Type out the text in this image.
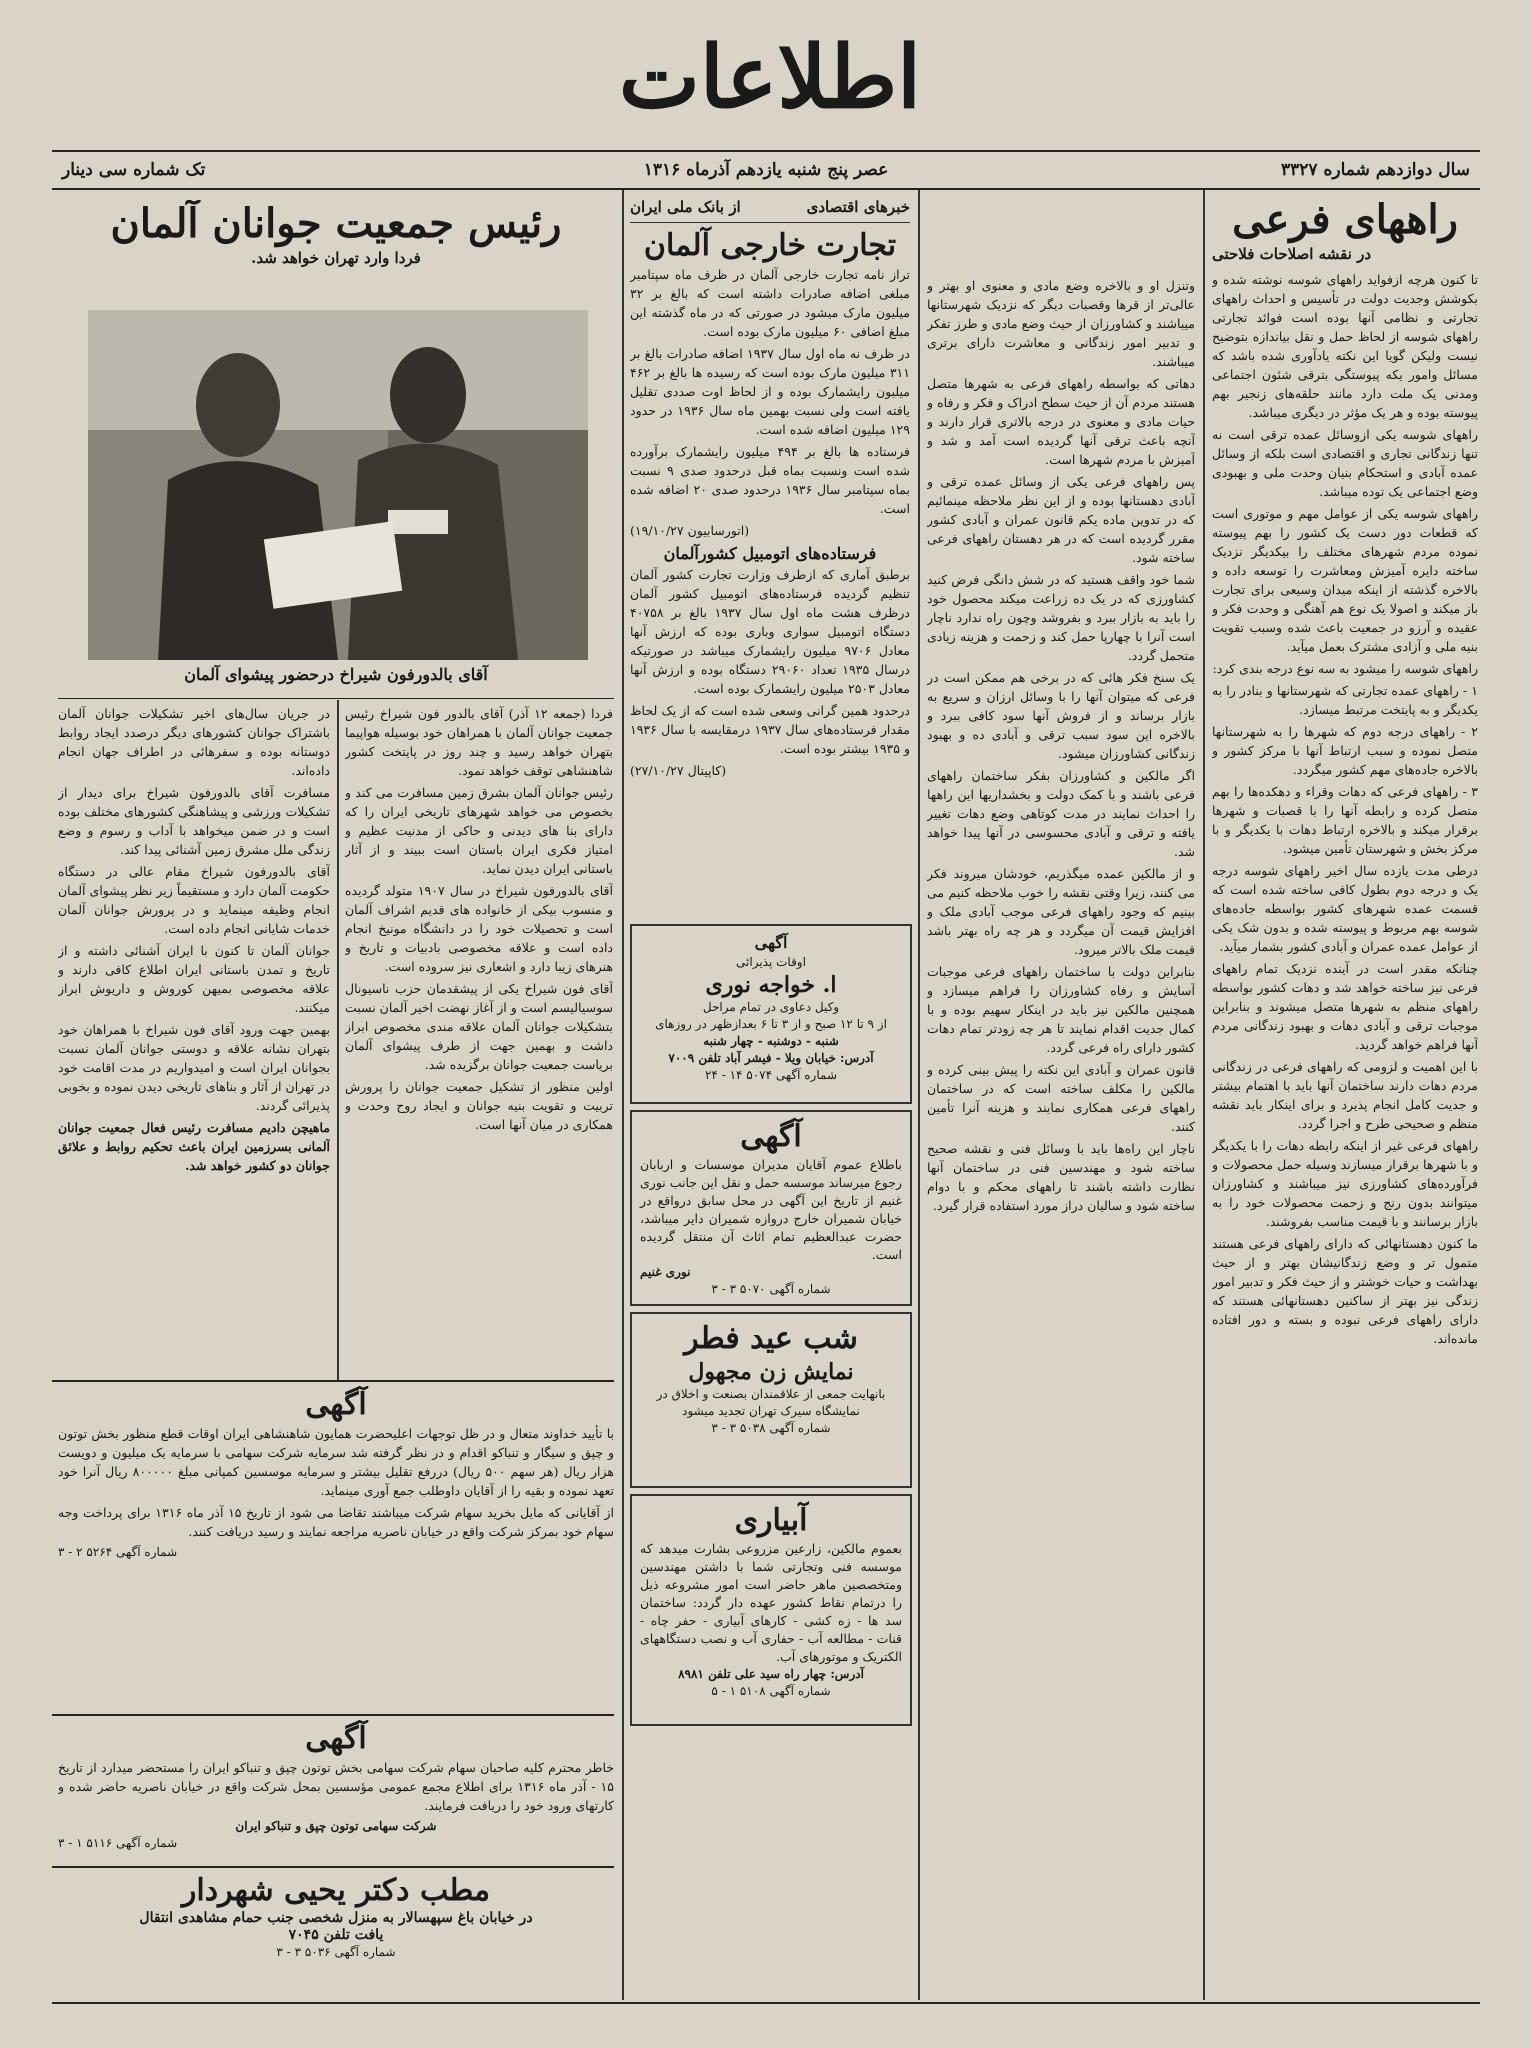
اطلاعات
سال دوازدهم شماره ۳۳۲۷
عصر پنج شنبه یازدهم آذرماه ۱۳۱۶
تک شماره سی دینار
راههای فرعی
در نقشه اصلاحات فلاحتی

تا کنون هرچه ازفواید راههای شوسه نوشته شده و بکوشش وجدیت دولت در تأسیس و احداث راههای تجارتی و نظامی آنها بوده است فوائد تجارتی راههای شوسه از لحاظ حمل و نقل بیاندازه بتوضیح نیست ولیکن گویا این نکته یادآوری شده باشد که مسائل وامور یکه پیوستگی بترقی شئون اجتماعی ومدنی یک ملت دارد مانند حلقه‌های زنجیر بهم پیوسته بوده و هر یک مؤثر در دیگری میباشد.

راههای شوسه یکی ازوسائل عمده ترقی است نه تنها زندگانی تجاری و اقتصادی است بلکه از وسائل عمده آبادی و استحکام بنیان وحدت ملی و بهبودی وضع اجتماعی یک توده میباشد.

راههای شوسه یکی از عوامل مهم و موتوری است که قطعات دور دست یک کشور را بهم پیوسته نموده مردم شهرهای مختلف را بیکدیگر نزدیک ساخته دایره آمیزش ومعاشرت را توسعه داده و بالاخره گذشته از اینکه میدان وسیعی برای تجارت باز میکند و اصولا یک نوع هم آهنگی و وحدت فکر و عقیده و آرزو در جمعیت باعث شده وسبب تقویت بنیه ملی و آزادی مشترک بعمل میآید.

راههای شوسه را میشود به سه نوع درجه بندی کرد:

۱ - راههای عمده تجارتی که شهرستانها و بنادر را به یکدیگر و به پایتخت مرتبط میسازد.

۲ - راههای درجه دوم که شهرها را به شهرستانها متصل نموده و سبب ارتباط آنها با مرکز کشور و بالاخره جاده‌های مهم کشور میگردد.

۳ - راههای فرعی که دهات وقراء و دهکده‌ها را بهم متصل کرده و رابطه آنها را با قصبات و شهرها برقرار میکند و بالاخره ارتباط دهات با یکدیگر و با مرکز بخش و شهرستان تأمین میشود.

درطی مدت یازده سال اخیر راههای شوسه درجه یک و درجه دوم بطول کافی ساخته شده است که قسمت عمده شهرهای کشور بواسطه جاده‌های شوسه بهم مربوط و پیوسته شده و بدون شک یکی از عوامل عمده عمران و آبادی کشور بشمار میآید.

چنانکه مقدر است در آینده نزدیک تمام راههای فرعی نیز ساخته خواهد شد و دهات کشور بواسطه راههای منظم به شهرها متصل میشوند و بنابراین موجبات ترقی و آبادی دهات و بهبود زندگانی مردم آنها فراهم خواهد گردید.

با این اهمیت و لزومی که راههای فرعی در زندگانی مردم دهات دارند ساختمان آنها باید با اهتمام بیشتر و جدیت کامل انجام پذیرد و برای اینکار باید نقشه منظم و صحیحی طرح و اجرا گردد.

راههای فرعی غیر از اینکه رابطه دهات را با یکدیگر و با شهرها برقرار میسازند وسیله حمل محصولات و فرآورده‌های کشاورزی نیز میباشند و کشاورزان میتوانند بدون رنج و زحمت محصولات خود را به بازار برسانند و با قیمت مناسب بفروشند.

ما کنون دهستانهائی که دارای راههای فرعی هستند متمول تر و وضع زندگانیشان بهتر و از حیث بهداشت و حیات خوشتر و از حیث فکر و تدبیر امور زندگی نیز بهتر از ساکنین دهستانهائی هستند که دارای راههای فرعی نبوده و بسته و دور افتاده مانده‌اند.

وتنزل او و بالاخره وضع مادی و معنوی او بهتر و عالی‌تر از قرها وقصبات دیگر که نزدیک شهرستانها میباشند و کشاورزان از حیث وضع مادی و طرز تفکر و تدبیر امور زندگانی و معاشرت دارای برتری میباشند.

دهاتی که بواسطه راههای فرعی به شهرها متصل هستند مردم آن از حیث سطح ادراک و فکر و رفاه و حیات مادی و معنوی در درجه بالاتری قرار دارند و آنچه باعث ترقی آنها گردیده است آمد و شد و آمیزش با مردم شهرها است.

پس راههای فرعی یکی از وسائل عمده ترقی و آبادی دهستانها بوده و از این نظر ملاحظه مینمائیم که در تدوین ماده یکم قانون عمران و آبادی کشور مقرر گردیده است که در هر دهستان راههای فرعی ساخته شود.

شما خود واقف هستید که در شش دانگی فرض کنید کشاورزی که در یک ده زراعت میکند محصول خود را باید به بازار ببرد و بفروشد وچون راه ندارد ناچار است آنرا با چهارپا حمل کند و زحمت و هزینه زیادی متحمل گردد.

یک سنخ فکر هائی که در برخی هم ممکن است در فرعی که میتوان آنها را با وسائل ارزان و سریع به بازار برساند و از فروش آنها سود کافی ببرد و بالاخره این سود سبب ترقی و آبادی ده و بهبود زندگانی کشاورزان میشود.

اگر مالکین و کشاورزان بفکر ساختمان راههای فرعی باشند و با کمک دولت و بخشداریها این راهها را احداث نمایند در مدت کوتاهی وضع دهات تغییر یافته و ترقی و آبادی محسوسی در آنها پیدا خواهد شد.

و از مالکین عمده میگذریم، خودشان میروند فکر می کنند، زیرا وقتی نقشه را خوب ملاحظه کنیم می بینیم که وجود راههای فرعی موجب آبادی ملک و افزایش قیمت آن میگردد و هر چه راه بهتر باشد قیمت ملک بالاتر میرود.

بنابراین دولت با ساختمان راههای فرعی موجبات آسایش و رفاه کشاورزان را فراهم میسازد و همچنین مالکین نیز باید در اینکار سهیم بوده و با کمال جدیت اقدام نمایند تا هر چه زودتر تمام دهات کشور دارای راه فرعی گردد.

قانون عمران و آبادی این نکته را پیش بینی کرده و مالکین را مکلف ساخته است که در ساختمان راههای فرعی همکاری نمایند و هزینه آنرا تأمین کنند.

ناچار این راه‌ها باید با وسائل فنی و نقشه صحیح ساخته شود و مهندسین فنی در ساختمان آنها نظارت داشته باشند تا راههای محکم و با دوام ساخته شود و سالیان دراز مورد استفاده قرار گیرد.

خبرهای اقتصادی
از بانک ملی ایران
تجارت خارجی آلمان

تراز نامه تجارت خارجی آلمان در ظرف ماه سپتامبر مبلغی اضافه صادرات داشته است که بالغ بر ۳۲ میلیون مارک میشود در صورتی که در ماه گذشته این مبلغ اضافی ۶۰ میلیون مارک بوده است.

در ظرف نه ماه اول سال ۱۹۳۷ اضافه صادرات بالغ بر ۳۱۱ میلیون مارک بوده است که رسیده ها بالغ بر ۴۶۲ میلیون رایشمارک بوده و از لحاظ اوت صددی تقلیل یافته است ولی نسبت بهمین ماه سال ۱۹۳۶ در حدود ۱۲۹ میلیون اضافه شده است.

فرستاده ها بالغ بر ۴۹۴ میلیون رایشمارک برآورده شده است ونسبت بماه قبل درحدود صدی ۹ نسبت بماه سپتامبر سال ۱۹۳۶ درحدود صدی ۲۰ اضافه شده است.

(اتورسابیون ۱۹/۱۰/۲۷)

فرستاده‌های اتومبیل کشورآلمان

برطبق آماری که ازطرف وزارت تجارت کشور آلمان تنظیم گردیده فرستاده‌های اتومبیل کشور آلمان درظرف هشت ماه اول سال ۱۹۳۷ بالغ بر ۴۰۷۵۸ دستگاه اتومبیل سواری وباری بوده که ارزش آنها معادل ۹۷۰۶ میلیون رایشمارک میباشد در صورتیکه درسال ۱۹۳۵ تعداد ۲۹۰۶۰ دستگاه بوده و ارزش آنها معادل ۲۵۰۳ میلیون رایشمارک بوده است.

درحدود همین گرانی وسعی شده است که از یک لحاظ مقدار فرستاده‌های سال ۱۹۳۷ درمقایسه با سال ۱۹۳۶ و ۱۹۳۵ بیشتر بوده است.

(کاپیتال ۲۷/۱۰/۲۷)

آگهی
اوقات پذیرائی
ا. خواجه نوری
وکیل دعاوی در تمام مراحل
از ۹ تا ۱۲ صبح و از ۳ تا ۶ بعدازظهر در روزهای
شنبه - دوشنبه - چهار شنبه
آدرس: خیابان ویلا - فیشر آباد تلفن ۷۰۰۹
شماره آگهی ۵۰۷۴ ۱۴ - ۲۴
آگهی

باطلاع عموم آقایان مدیران موسسات و اربابان رجوع میرساند موسسه حمل و نقل این جانب نوری غنیم از تاریخ این آگهی در محل سابق درواقع در خیابان شمیران خارج دروازه شمیران دایر میباشد، حضرت عبدالعظیم تمام اثاث آن منتقل گردیده است.

نوری غنیم
شماره آگهی ۵۰۷۰ ۳ - ۳
شب عید فطر
نمایش زن مجهول
بانهایت جمعی از علاقمندان بصنعت و اخلاق در نمایشگاه سیرک تهران تجدید میشود
شماره آگهی ۵۰۳۸ ۳ - ۳
آبیاری

بعموم مالکین، زارعین مزروعی بشارت میدهد که موسسه فنی وتجارتی شما با داشتن مهندسین ومتخصصین ماهر حاضر است امور مشروعه ذیل را درتمام نقاط کشور عهده دار گردد: ساختمان سد ها - زه کشی - کارهای آبیاری - حفر چاه - قنات - مطالعه آب - حفاری آب و نصب دستگاههای الکتریک و موتورهای آب.

آدرس: چهار راه سید علی تلفن ۸۹۸۱
شماره آگهی ۵۱۰۸ ۱ - ۵
رئیس جمعیت جوانان آلمان
فردا وارد تهران خواهد شد.
آقای بالدورفون شیراخ درحضور پیشوای آلمان

فردا (جمعه ۱۲ آذر) آقای بالدور فون شیراخ رئیس جمعیت جوانان آلمان با همراهان خود بوسیله هواپیما بتهران خواهد رسید و چند روز در پایتخت کشور شاهنشاهی توقف خواهد نمود.

رئیس جوانان آلمان بشرق زمین مسافرت می کند و بخصوص می خواهد شهرهای تاریخی ایران را که دارای بنا های دیدنی و حاکی از مدنیت عظیم و امتیاز فکری ایران باستان است ببیند و از آثار باستانی ایران دیدن نماید.

آقای بالدورفون شیراخ در سال ۱۹۰۷ متولد گردیده و منسوب بیکی از خانواده های قدیم اشراف آلمان است و تحصیلات خود را در دانشگاه مونیخ انجام داده است و علاقه مخصوصی بادبیات و تاریخ و هنرهای زیبا دارد و اشعاری نیز سروده است.

آقای فون شیراخ یکی از پیشقدمان حزب ناسیونال سوسیالیسم است و از آغاز نهضت اخیر آلمان نسبت بتشکیلات جوانان آلمان علاقه مندی مخصوص ابراز داشت و بهمین جهت از طرف پیشوای آلمان بریاست جمعیت جوانان برگزیده شد.

اولین منظور از تشکیل جمعیت جوانان را پرورش تربیت و تقویت بنیه جوانان و ایجاد روح وحدت و همکاری در میان آنها است.

در جریان سال‌های اخیر تشکیلات جوانان آلمان باشتراک جوانان کشورهای دیگر درصدد ایجاد روابط دوستانه بوده و سفرهائی در اطراف جهان انجام داده‌اند.

مسافرت آقای بالدورفون شیراخ برای دیدار از تشکیلات ورزشی و پیشاهنگی کشورهای مختلف بوده است و در ضمن میخواهد با آداب و رسوم و وضع زندگی ملل مشرق زمین آشنائی پیدا کند.

آقای بالدورفون شیراخ مقام عالی در دستگاه حکومت آلمان دارد و مستقیماً زیر نظر پیشوای آلمان انجام وظیفه مینماید و در پرورش جوانان آلمان خدمات شایانی انجام داده است.

جوانان آلمان تا کنون با ایران آشنائی داشته و از تاریخ و تمدن باستانی ایران اطلاع کافی دارند و علاقه مخصوصی بمیهن کوروش و داریوش ابراز میکنند.

بهمین جهت ورود آقای فون شیراخ با همراهان خود بتهران نشانه علاقه و دوستی جوانان آلمان نسبت بجوانان ایران است و امیدواریم در مدت اقامت خود در تهران از آثار و بناهای تاریخی دیدن نموده و بخوبی پذیرائی گردند.

ماهیچن دادیم مسافرت رئیس فعال جمعیت جوانان آلمانی بسرزمین ایران باعث تحکیم روابط و علائق جوانان دو کشور خواهد شد.

آگهی

با تأیید خداوند متعال و در ظل توجهات اعلیحضرت همایون شاهنشاهی ایران اوقات قطع منظور بخش توتون و چپق و سیگار و تنباکو اقدام و در نظر گرفته شد سرمایه شرکت سهامی با سرمایه یک میلیون و دویست هزار ریال (هر سهم ۵۰۰ ریال) دررفع تقلیل بیشتر و سرمایه موسسین کمپانی مبلغ ۸۰۰۰۰۰ ریال آنرا خود تعهد نموده و بقیه را از آقایان داوطلب جمع آوری مینماید.

از آقایانی که مایل بخرید سهام شرکت میباشند تقاضا می شود از تاریخ ۱۵ آذر ماه ۱۳۱۶ برای پرداخت وجه سهام خود بمرکز شرکت واقع در خیابان ناصریه مراجعه نمایند و رسید دریافت کنند.

شماره آگهی ۵۲۶۴ ۲ - ۳
آگهی

خاطر محترم کلیه صاحبان سهام شرکت سهامی بخش توتون چپق و تنباکو ایران را مستحضر میدارد از تاریخ ۱۵ - آذر ماه ۱۳۱۶ برای اطلاع مجمع عمومی مؤسسین بمحل شرکت واقع در خیابان ناصریه حاضر شده و کارتهای ورود خود را دریافت فرمایند.

شرکت سهامی توتون چپق و تنباکو ایران
شماره آگهی ۵۱۱۶ ۱ - ۳
مطب دکتر یحیی شهردار
در خیابان باغ سپهسالار به منزل شخصی جنب حمام مشاهدی انتقال
یافت تلفن ۷۰۴۵
شماره آگهی ۵۰۳۶ ۳ - ۳
